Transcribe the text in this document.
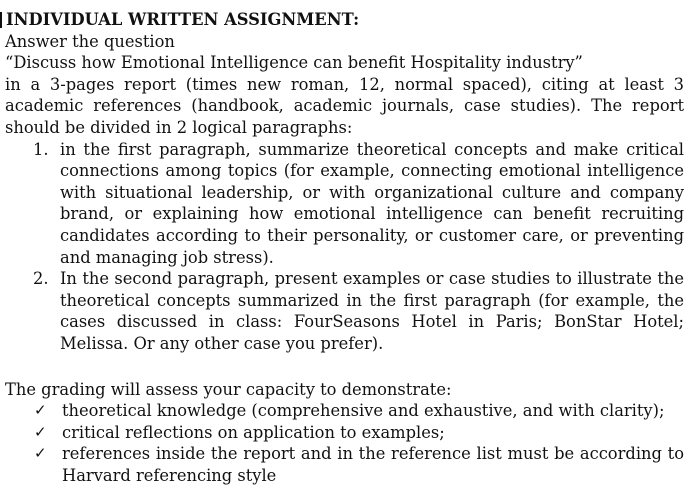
INDIVIDUAL WRITTEN ASSIGNMENT:
Answer the question
“Discuss how Emotional Intelligence can benefit Hospitality industry”
in a 3-pages report (times new roman, 12, normal spaced), citing at least 3 academic references (handbook, academic journals, case studies). The report should be divided in 2 logical paragraphs:
1. in the first paragraph, summarize theoretical concepts and make critical connections among topics (for example, connecting emotional intelligence with situational leadership, or with organizational culture and company brand, or explaining how emotional intelligence can benefit recruiting candidates according to their personality, or customer care, or preventing and managing job stress).
2. In the second paragraph, present examples or case studies to illustrate the theoretical concepts summarized in the first paragraph (for example, the cases discussed in class: FourSeasons Hotel in Paris; BonStar Hotel; Melissa. Or any other case you prefer).
The grading will assess your capacity to demonstrate:
✓ theoretical knowledge (comprehensive and exhaustive, and with clarity);
✓ critical reflections on application to examples;
✓ references inside the report and in the reference list must be according to Harvard referencing style
